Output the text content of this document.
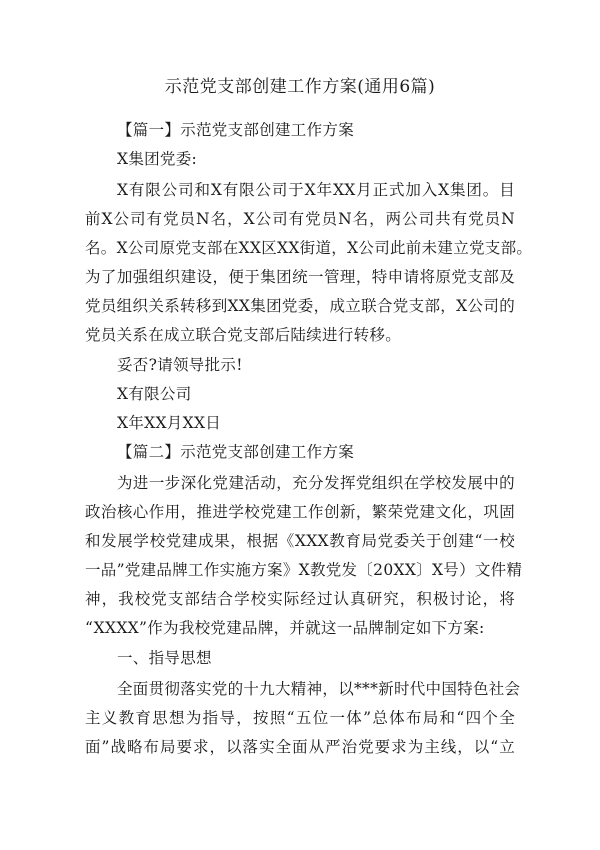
示范党支部创建工作方案(通用6篇)
【篇一】示范党支部创建工作方案
X集团党委:
X有限公司和X有限公司于X年XX月正式加入X集团。目
前X公司有党员N名，X公司有党员N名，两公司共有党员N
名。X公司原党支部在XX区XX街道，X公司此前未建立党支部。
为了加强组织建设，便于集团统一管理，特申请将原党支部及
党员组织关系转移到XX集团党委，成立联合党支部，X公司的
党员关系在成立联合党支部后陆续进行转移。
妥否?请领导批示!
X有限公司
X年XX月XX日
【篇二】示范党支部创建工作方案
为进一步深化党建活动，充分发挥党组织在学校发展中的
政治核心作用，推进学校党建工作创新，繁荣党建文化，巩固
和发展学校党建成果，根据《XXX教育局党委关于创建“一校
一品”党建品牌工作实施方案》X教党发〔20XX〕X号）文件精
神，我校党支部结合学校实际经过认真研究，积极讨论，将
“XXXX”作为我校党建品牌，并就这一品牌制定如下方案:
一、指导思想
全面贯彻落实党的十九大精神，以***新时代中国特色社会
主义教育思想为指导，按照“五位一体”总体布局和“四个全
面”战略布局要求，以落实全面从严治党要求为主线，以“立
